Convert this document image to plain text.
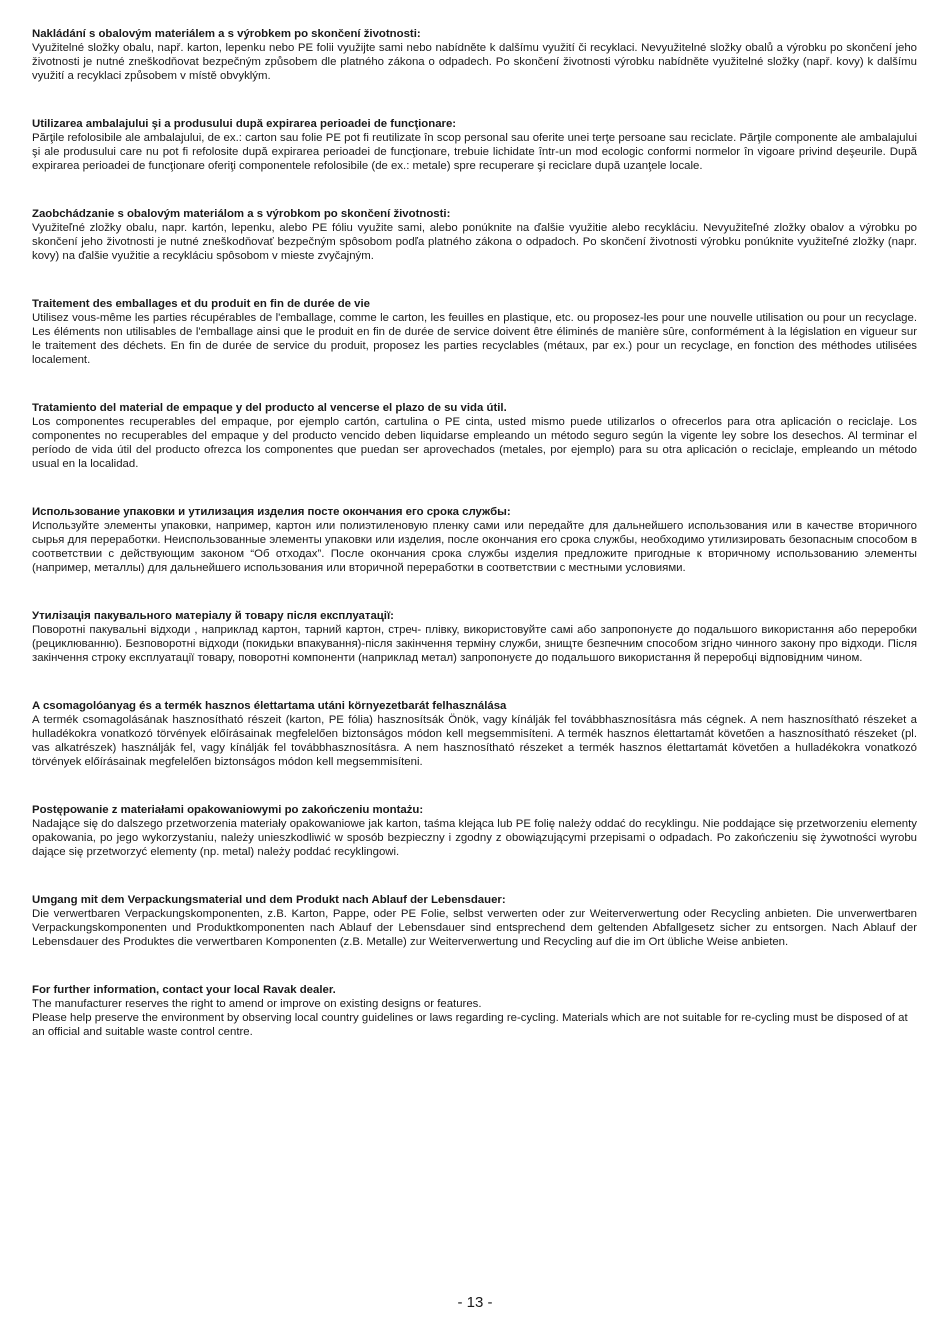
Nakládání s obalovým materiálem a s výrobkem po skončení životnosti:

Využitelné složky obalu, např. karton, lepenku nebo PE folii využijte sami nebo nabídněte k dalšímu využití či recyklaci. Nevyužitelné složky obalů a výrobku po skončení jeho životnosti je nutné zneškodňovat bezpečným způsobem dle platného zákona o odpadech. Po skončení životnosti výrobku nabídněte využitelné složky (např. kovy) k dalšímu využití a recyklaci způsobem v místě obvyklým.

Utilizarea ambalajului şi a produsului după expirarea perioadei de funcţionare:

Părţile refolosibile ale ambalajului, de ex.: carton sau folie PE pot fi reutilizate în scop personal sau oferite unei terţe persoane sau reciclate. Părţile componente ale ambalajului şi ale produsului care nu pot fi refolosite după expirarea perioadei de funcţionare, trebuie lichidate într-un mod ecologic conformi normelor în vigoare privind deşeurile. După expirarea perioadei de funcţionare oferiţi componentele refolosibile (de ex.: metale) spre recuperare şi reciclare după uzanţele locale.

Zaobchádzanie s obalovým materiálom a s výrobkom po skončení životnosti:

Využiteľné zložky obalu, napr. kartón, lepenku, alebo PE fóliu využite sami, alebo ponúknite na ďalšie využitie alebo recykláciu. Nevyužiteľné zložky obalov a výrobku po skončení jeho životnosti je nutné zneškodňovať bezpečným spôsobom podľa platného zákona o odpadoch. Po skončení životnosti výrobku ponúknite využiteľné zložky (napr. kovy) na ďalšie využitie a recykláciu spôsobom v mieste zvyčajným.

Traitement des emballages et du produit en fin de durée de vie

Utilisez vous-même les parties récupérables de l'emballage, comme le carton, les feuilles en plastique, etc. ou proposez-les pour une nouvelle utilisation ou pour un recyclage. Les éléments non utilisables de l'emballage ainsi que le produit en fin de durée de service doivent être éliminés de manière sûre, conformément à la législation en vigueur sur le traitement des déchets. En fin de durée de service du produit, proposez les parties recyclables (métaux, par ex.) pour un recyclage, en fonction des méthodes utilisées localement.

Tratamiento del material de empaque y del producto al vencerse el plazo de su vida útil.

Los componentes recuperables del empaque, por ejemplo cartón, cartulina o PE cinta, usted mismo puede utilizarlos o ofrecerlos para otra aplicación o reciclaje. Los componentes no recuperables del empaque y del producto vencido deben liquidarse empleando un método seguro según la vigente ley sobre los desechos. Al terminar el período de vida útil del producto ofrezca los componentes que puedan ser aprovechados (metales, por ejemplo) para su otra aplicación o reciclaje, empleando un método usual en la localidad.

Использование упаковки и утилизация изделия посте окончания его срока службы:

Используйте элементы упаковки, например, картон или полиэтиленовую пленку сами или передайте для дальнейшего использования или в качестве вторичного сырья для переработки. Неиспользованные элементы упаковки или изделия, после окончания его срока службы, необходимо утилизировать безопасным способом в соответствии с действующим законом “Об отходах”. После окончания срока службы изделия предложите пригодные к вторичному использованию элементы (например, металлы) для дальнейшего использования или вторичной переработки в соответствии с местными условиями.

Утилізація пакувального матеріалу й товару після експлуатації:

Поворотні пакувальні відходи , наприклад картон, тарний картон, стреч- плівку, використовуйте самі або запропонуєте до подальшого використання або переробки (рециклюванню). Безповоротні відходи (покидьки впакування)-після закінчення терміну служби, знищте безпечним способом згідно чинного закону про відходи. Після закінчення строку експлуатації товару, поворотні компоненти (наприклад метал) запропонуєте до подальшого використання й переробці відповідним чином.

A csomagolóanyag és a termék hasznos élettartama utáni környezetbarát felhasználása

A termék csomagolásának hasznosítható részeit (karton, PE fólia) hasznosítsák Önök, vagy kínálják fel továbbhasznosításra más cégnek. A nem hasznosítható részeket a hulladékokra vonatkozó törvények előírásainak megfelelően biztonságos módon kell megsemmisíteni. A termék hasznos élettartamát követően a hasznosítható részeket (pl. vas alkatrészek) használják fel, vagy kínálják fel továbbhasznosításra. A nem hasznosítható részeket a termék hasznos élettartamát követően a hulladékokra vonatkozó törvények előírásainak megfelelően biztonságos módon kell megsemmisíteni.

Postępowanie z materiałami opakowaniowymi po zakończeniu montażu:

Nadające się do dalszego przetworzenia materiały opakowaniowe jak karton, taśma klejąca lub PE folię należy oddać do recyklingu. Nie poddające się przetworzeniu elementy opakowania, po jego wykorzystaniu, należy unieszkodliwić w sposób bezpieczny i zgodny z obowiązującymi przepisami o odpadach. Po zakończeniu się żywotności wyrobu dające się przetworzyć elementy (np. metal) należy poddać recyklingowi.

Umgang mit dem Verpackungsmaterial und dem Produkt nach Ablauf der Lebensdauer:

Die verwertbaren Verpackungskomponenten, z.B. Karton, Pappe, oder PE Folie, selbst verwerten oder zur Weiterverwertung oder Recycling anbieten. Die unverwertbaren Verpackungskomponenten und Produktkomponenten nach Ablauf der Lebensdauer sind entsprechend dem geltenden Abfallgesetz sicher zu entsorgen. Nach Ablauf der Lebensdauer des Produktes die verwertbaren Komponenten (z.B. Metalle) zur Weiterverwertung und Recycling auf die im Ort übliche Weise anbieten.

For further information, contact your local Ravak dealer.

The manufacturer reserves the right to amend or improve on existing designs or features.

Please help preserve the environment by observing local country guidelines or laws regarding re-cycling. Materials which are not suitable for re-cycling must be disposed of at an official and suitable waste control centre.

- 13 -
